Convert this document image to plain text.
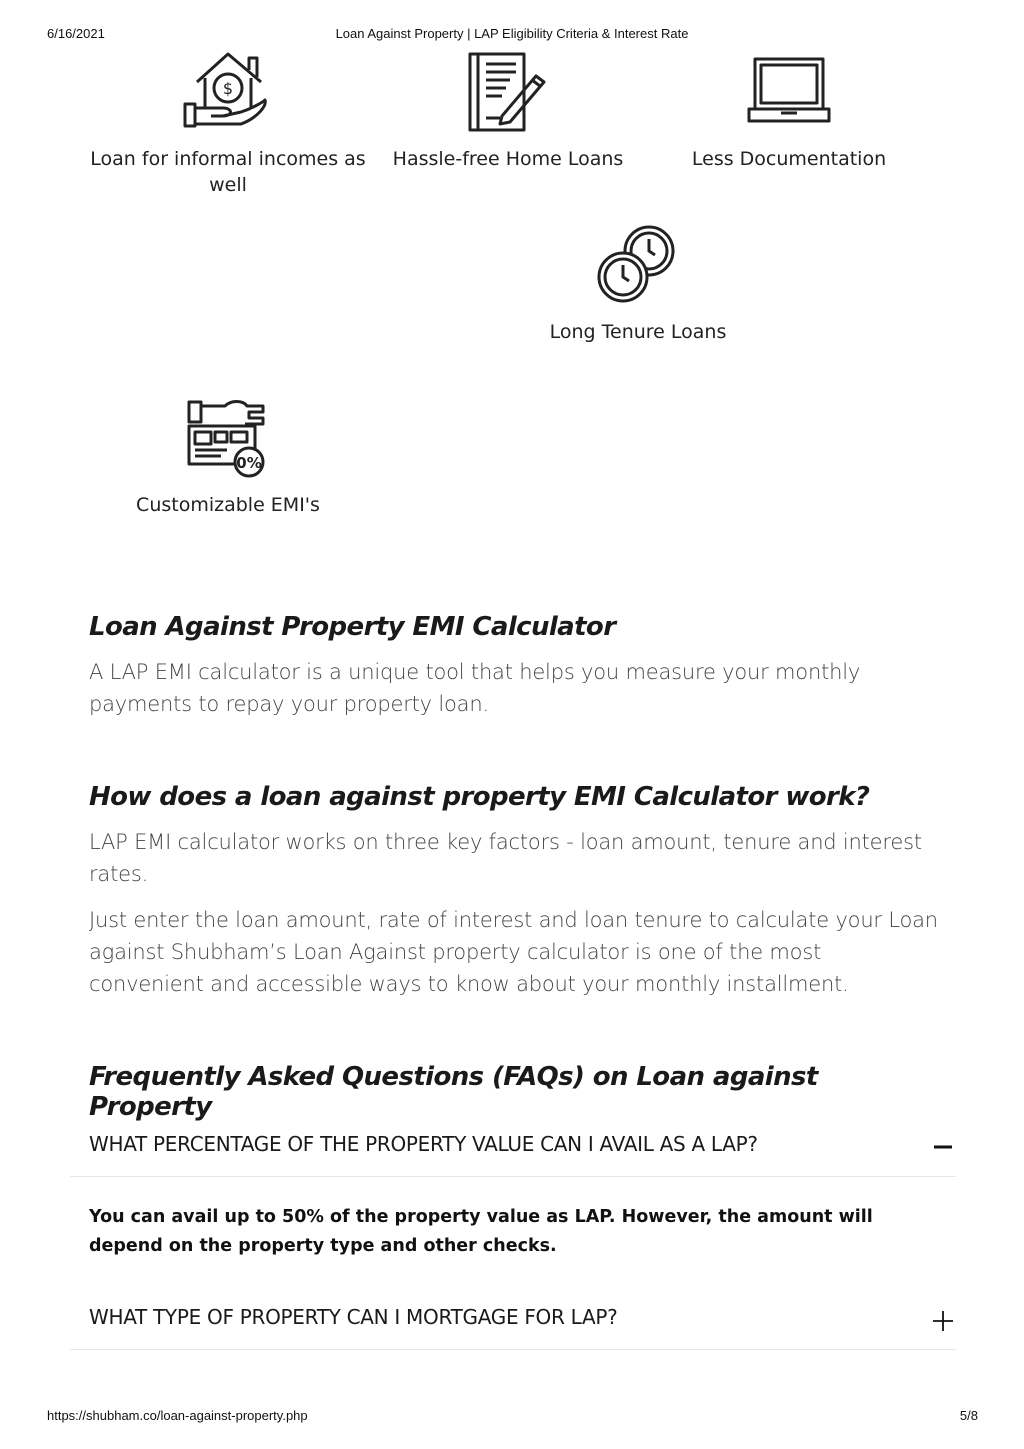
6/16/2021	Loan Against Property | LAP Eligibility Criteria & Interest Rate
$
Loan for informal incomes as well
Hassle-free Home Loans	Less Documentation
Long Tenure Loans
0%
Customizable EMI's
Loan Against Property EMI Calculator

A LAP EMI calculator is a unique tool that helps you measure your monthly payments to repay your property loan.

How does a loan against property EMI Calculator work?

LAP EMI calculator works on three key factors - loan amount, tenure and interest rates.

Just enter the loan amount, rate of interest and loan tenure to calculate your Loan against Shubham’s Loan Against property calculator is one of the most convenient and accessible ways to know about your monthly installment.

Frequently Asked Questions (FAQs) on Loan against Property
WHAT PERCENTAGE OF THE PROPERTY VALUE CAN I AVAIL AS A LAP?

You can avail up to 50% of the property value as LAP. However, the amount will depend on the property type and other checks.

WHAT TYPE OF PROPERTY CAN I MORTGAGE FOR LAP?
https://shubham.co/loan-against-property.php	5/8
